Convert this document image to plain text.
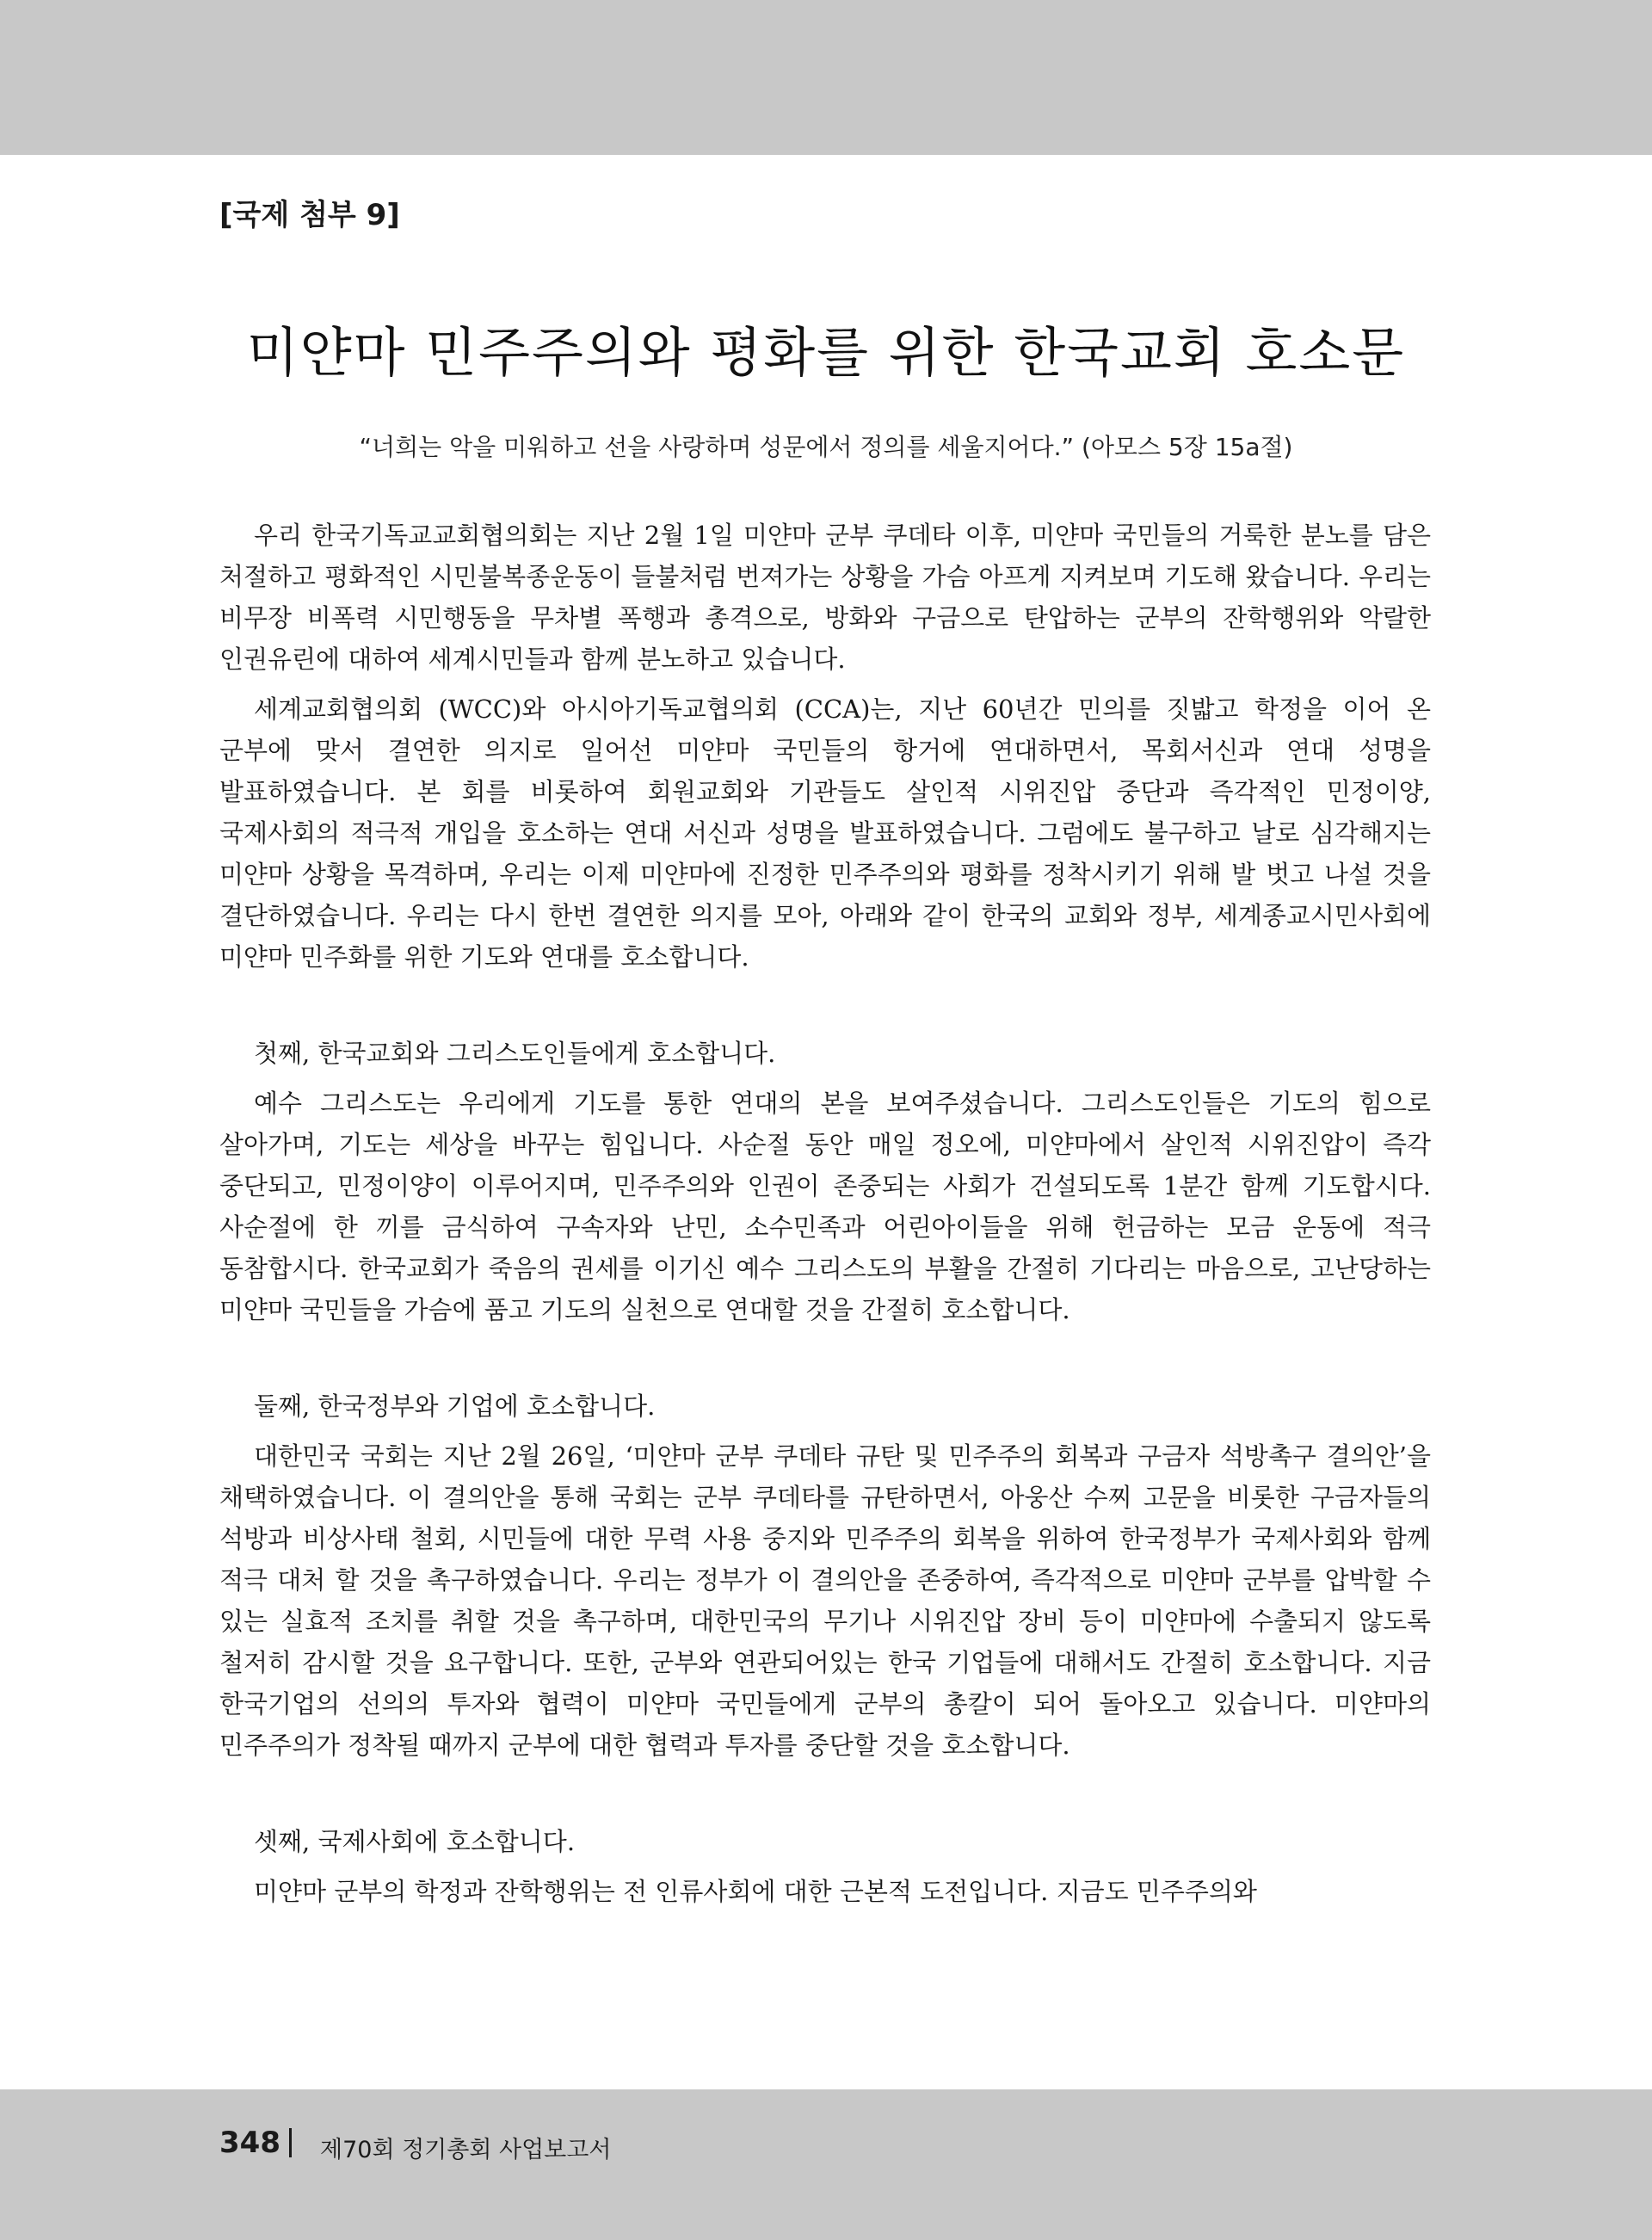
[국제 첨부 9]
미얀마 민주주의와 평화를 위한 한국교회 호소문

“너희는 악을 미워하고 선을 사랑하며 성문에서 정의를 세울지어다.” (아모스 5장 15a절)

우리 한국기독교교회협의회는 지난 2월 1일 미얀마 군부 쿠데타 이후, 미얀마 국민들의 거룩한 분노를 담은 처절하고 평화적인 시민불복종운동이 들불처럼 번져가는 상황을 가슴 아프게 지켜보며 기도해 왔습니다. 우리는 비무장 비폭력 시민행동을 무차별 폭행과 총격으로, 방화와 구금으로 탄압하는 군부의 잔학행위와 악랄한 인권유린에 대하여 세계시민들과 함께 분노하고 있습니다.

세계교회협의회 (WCC)와 아시아기독교협의회 (CCA)는, 지난 60년간 민의를 짓밟고 학정을 이어 온 군부에 맞서 결연한 의지로 일어선 미얀마 국민들의 항거에 연대하면서, 목회서신과 연대 성명을 발표하였습니다. 본 회를 비롯하여 회원교회와 기관들도 살인적 시위진압 중단과 즉각적인 민정이양, 국제사회의 적극적 개입을 호소하는 연대 서신과 성명을 발표하였습니다. 그럼에도 불구하고 날로 심각해지는 미얀마 상황을 목격하며, 우리는 이제 미얀마에 진정한 민주주의와 평화를 정착시키기 위해 발 벗고 나설 것을 결단하였습니다. 우리는 다시 한번 결연한 의지를 모아, 아래와 같이 한국의 교회와 정부, 세계종교시민사회에 미얀마 민주화를 위한 기도와 연대를 호소합니다.

첫째, 한국교회와 그리스도인들에게 호소합니다.

예수 그리스도는 우리에게 기도를 통한 연대의 본을 보여주셨습니다. 그리스도인들은 기도의 힘으로 살아가며, 기도는 세상을 바꾸는 힘입니다. 사순절 동안 매일 정오에, 미얀마에서 살인적 시위진압이 즉각 중단되고, 민정이양이 이루어지며, 민주주의와 인권이 존중되는 사회가 건설되도록 1분간 함께 기도합시다. 사순절에 한 끼를 금식하여 구속자와 난민, 소수민족과 어린아이들을 위해 헌금하는 모금 운동에 적극 동참합시다. 한국교회가 죽음의 권세를 이기신 예수 그리스도의 부활을 간절히 기다리는 마음으로, 고난당하는 미얀마 국민들을 가슴에 품고 기도의 실천으로 연대할 것을 간절히 호소합니다.

둘째, 한국정부와 기업에 호소합니다.

대한민국 국회는 지난 2월 26일, ‘미얀마 군부 쿠데타 규탄 및 민주주의 회복과 구금자 석방촉구 결의안’을 채택하였습니다. 이 결의안을 통해 국회는 군부 쿠데타를 규탄하면서, 아웅산 수찌 고문을 비롯한 구금자들의 석방과 비상사태 철회, 시민들에 대한 무력 사용 중지와 민주주의 회복을 위하여 한국정부가 국제사회와 함께 적극 대처 할 것을 촉구하였습니다. 우리는 정부가 이 결의안을 존중하여, 즉각적으로 미얀마 군부를 압박할 수 있는 실효적 조치를 취할 것을 촉구하며, 대한민국의 무기나 시위진압 장비 등이 미얀마에 수출되지 않도록 철저히 감시할 것을 요구합니다. 또한, 군부와 연관되어있는 한국 기업들에 대해서도 간절히 호소합니다. 지금 한국기업의 선의의 투자와 협력이 미얀마 국민들에게 군부의 총칼이 되어 돌아오고 있습니다. 미얀마의 민주주의가 정착될 때까지 군부에 대한 협력과 투자를 중단할 것을 호소합니다.

셋째, 국제사회에 호소합니다.

미얀마 군부의 학정과 잔학행위는 전 인류사회에 대한 근본적 도전입니다. 지금도 민주주의와

348 제70회 정기총회 사업보고서
